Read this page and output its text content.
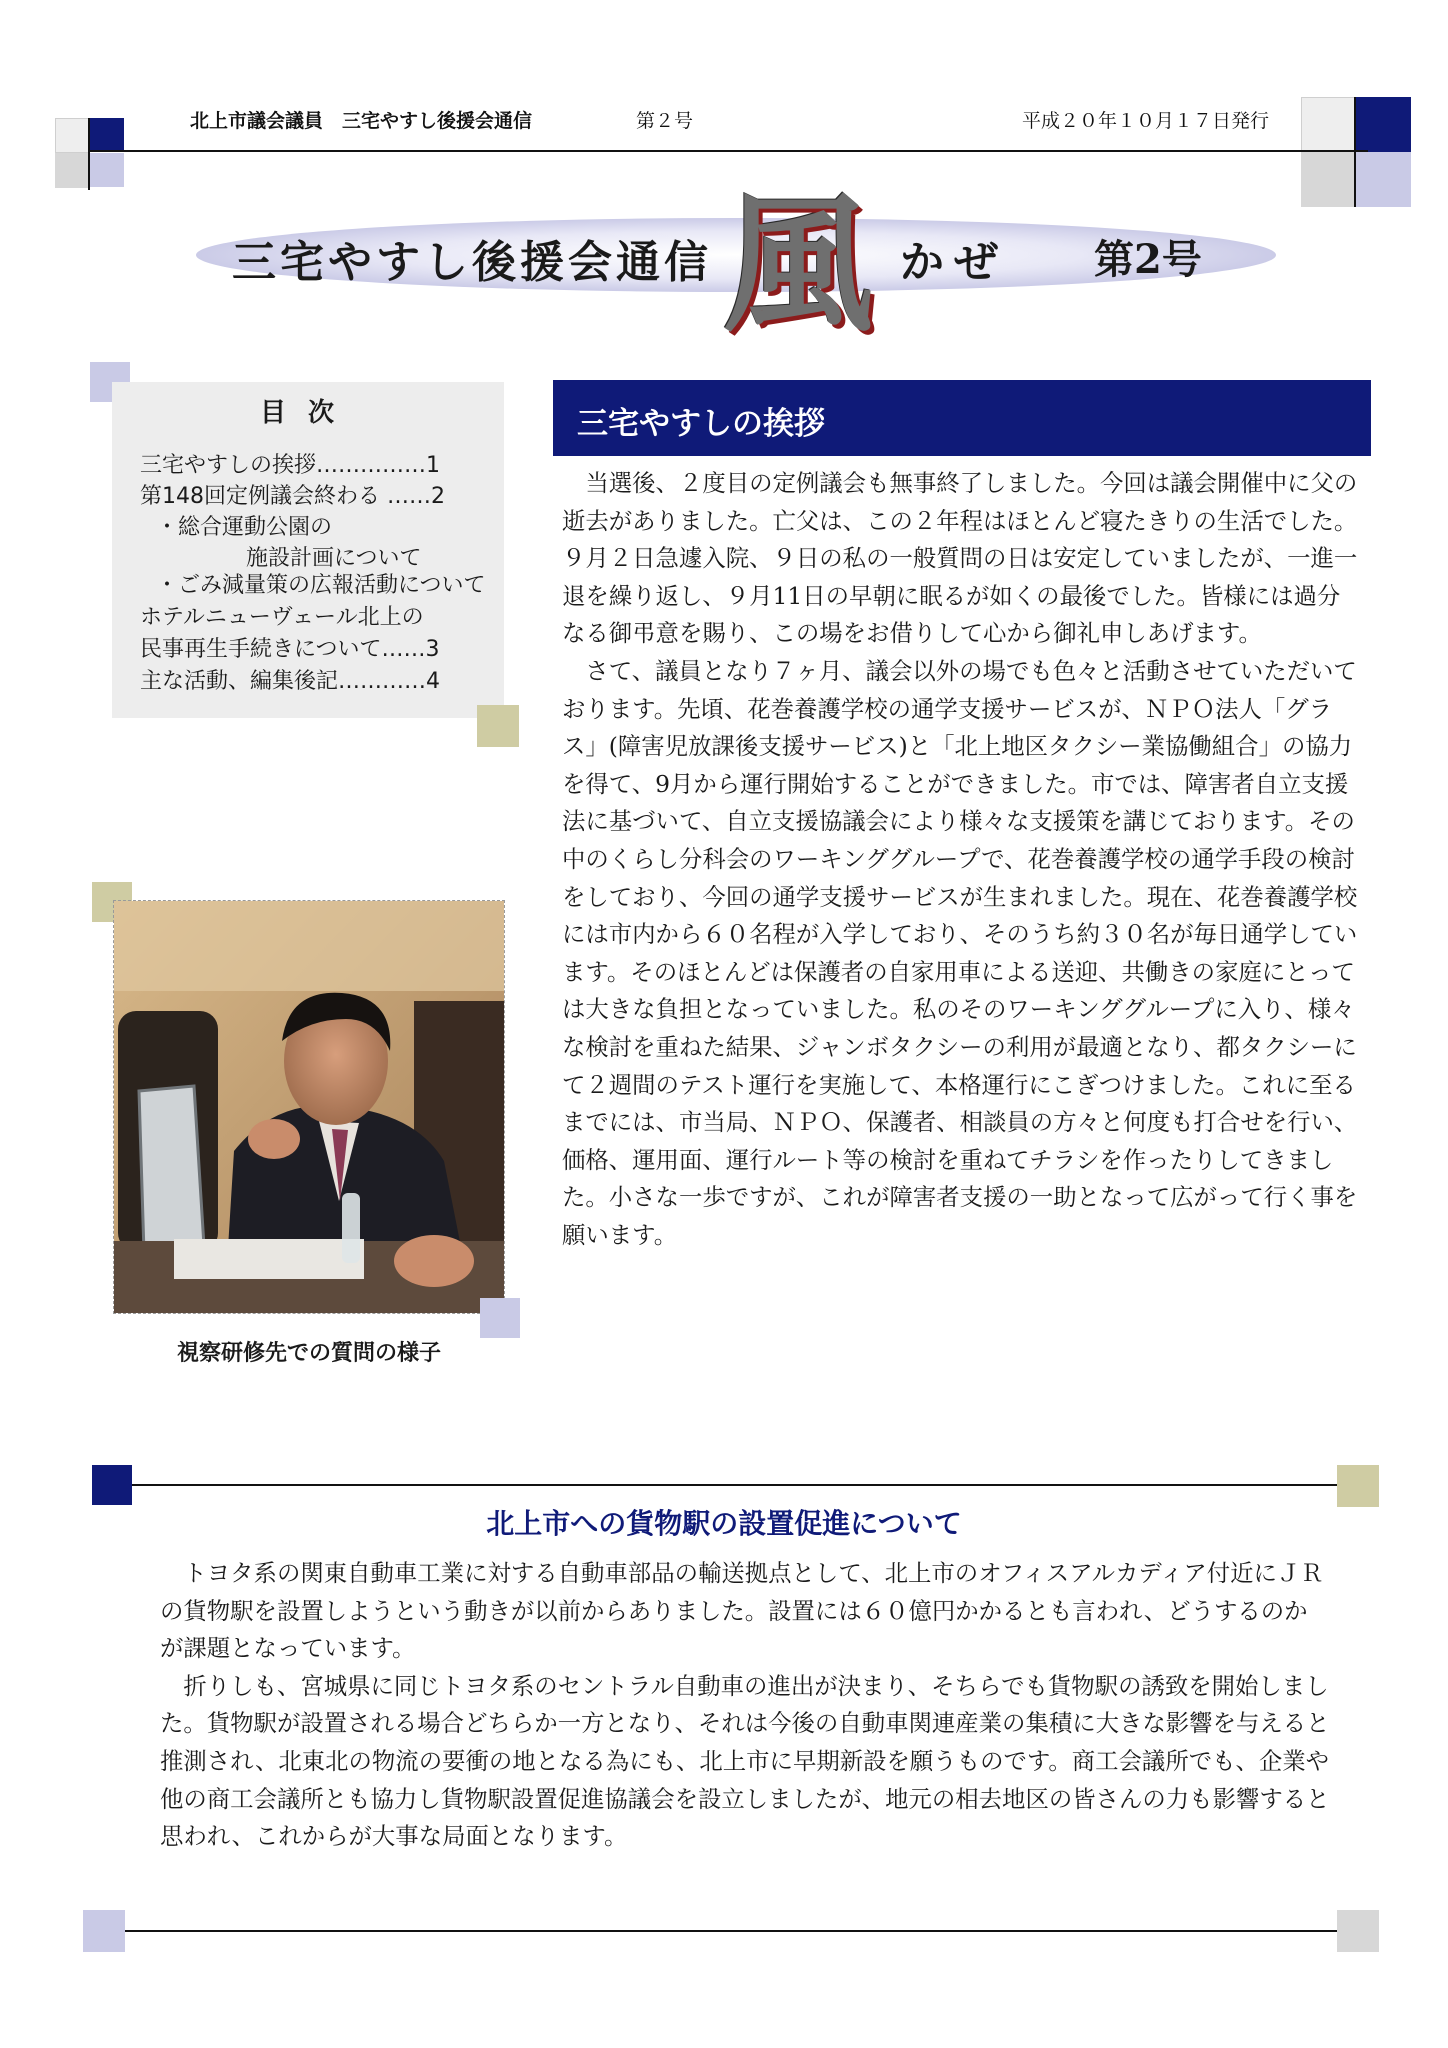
北上市議会議員　三宅やすし後援会通信	第２号	平成２０年１０月１７日発行
三宅やすし後援会通信 風 かぜ 第2号
目次
三宅やすしの挨拶……………1
第148回定例議会終わる ……2
・総合運動公園の
施設計画について
・ごみ減量策の広報活動について
ホテルニューヴェール北上の
民事再生手続きについて……3
主な活動、編集後記…………4
視察研修先での質問の様子
三宅やすしの挨拶

当選後、２度目の定例議会も無事終了しました。今回は議会開催中に父の逝去がありました。亡父は、この２年程はほとんど寝たきりの生活でした。９月２日急遽入院、９日の私の一般質問の日は安定していましたが、一進一退を繰り返し、９月11日の早朝に眠るが如くの最後でした。皆様には過分なる御弔意を賜り、この場をお借りして心から御礼申しあげます。

さて、議員となり７ヶ月、議会以外の場でも色々と活動させていただいております。先頃、花巻養護学校の通学支援サービスが、ＮＰＯ法人「グラス」(障害児放課後支援サービス)と「北上地区タクシー業協働組合」の協力を得て、9月から運行開始することができました。市では、障害者自立支援法に基づいて、自立支援協議会により様々な支援策を講じております。その中のくらし分科会のワーキンググループで、花巻養護学校の通学手段の検討をしており、今回の通学支援サービスが生まれました。現在、花巻養護学校には市内から６０名程が入学しており、そのうち約３０名が毎日通学しています。そのほとんどは保護者の自家用車による送迎、共働きの家庭にとっては大きな負担となっていました。私のそのワーキンググループに入り、様々な検討を重ねた結果、ジャンボタクシーの利用が最適となり、都タクシーにて２週間のテスト運行を実施して、本格運行にこぎつけました。これに至るまでには、市当局、ＮＰＯ、保護者、相談員の方々と何度も打合せを行い、価格、運用面、運行ルート等の検討を重ねてチラシを作ったりしてきました。小さな一歩ですが、これが障害者支援の一助となって広がって行く事を願います。

北上市への貨物駅の設置促進について

トヨタ系の関東自動車工業に対する自動車部品の輸送拠点として、北上市のオフィスアルカディア付近にＪＲの貨物駅を設置しようという動きが以前からありました。設置には６０億円かかるとも言われ、どうするのかが課題となっています。

折りしも、宮城県に同じトヨタ系のセントラル自動車の進出が決まり、そちらでも貨物駅の誘致を開始しました。貨物駅が設置される場合どちらか一方となり、それは今後の自動車関連産業の集積に大きな影響を与えると推測され、北東北の物流の要衝の地となる為にも、北上市に早期新設を願うものです。商工会議所でも、企業や他の商工会議所とも協力し貨物駅設置促進協議会を設立しましたが、地元の相去地区の皆さんの力も影響すると思われ、これからが大事な局面となります。
